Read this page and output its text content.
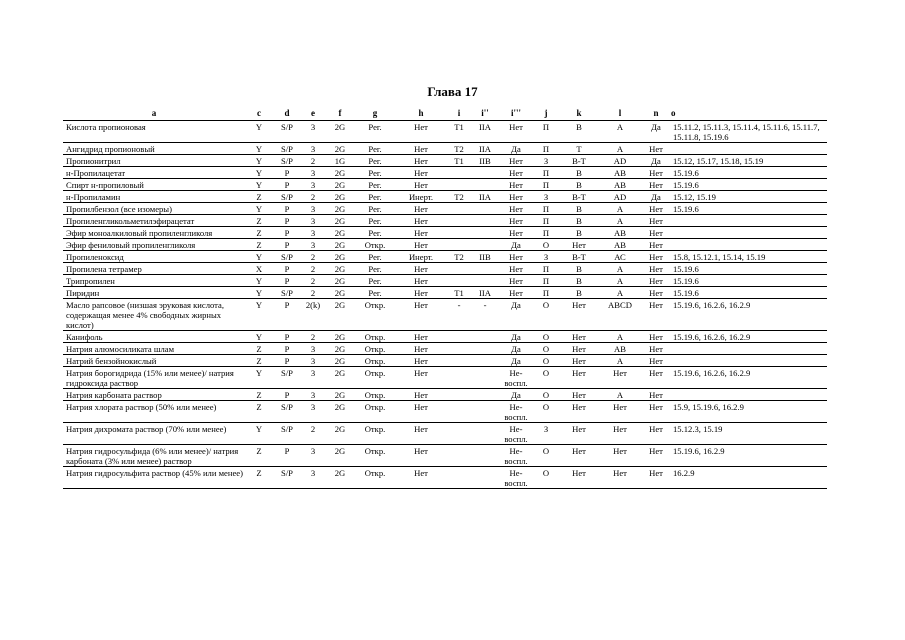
Глава 17
a	c	d	e	f	g	h	i	i''	i'''	j	k	l	n	o
Кислота пропионовая	Y	S/P	3	2G	Рег.	Нет	T1	IIA	Нет	П	В	А	Да	15.11.2, 15.11.3, 15.11.4, 15.11.6, 15.11.7, 15.11.8, 15.19.6
Ангидрид пропионовый	Y	S/P	3	2G	Рег.	Нет	T2	IIA	Да	П	Т	А	Нет	
Пропионитрил	Y	S/P	2	1G	Рег.	Нет	T1	IIB	Нет	З	В-Т	AD	Да	15.12, 15.17, 15.18, 15.19
н-Пропилацетат	Y	P	3	2G	Рег.	Нет			Нет	П	В	АВ	Нет	15.19.6
Спирт н-пропиловый	Y	P	3	2G	Рег.	Нет			Нет	П	В	АВ	Нет	15.19.6
н-Пропиламин	Z	S/P	2	2G	Рег.	Инерт.	T2	IIA	Нет	З	В-Т	AD	Да	15.12, 15.19
Пропилбензол (все изомеры)	Y	P	3	2G	Рег.	Нет			Нет	П	В	А	Нет	15.19.6
Пропиленгликольметилэфирацетат	Z	P	3	2G	Рег.	Нет			Нет	П	В	А	Нет	
Эфир моноалкиловый пропиленгликоля	Z	P	3	2G	Рег.	Нет			Нет	П	В	АВ	Нет	
Эфир фениловый пропиленгликоля	Z	P	3	2G	Откр.	Нет			Да	О	Нет	АВ	Нет	
Пропиленоксид	Y	S/P	2	2G	Рег.	Инерт.	T2	IIB	Нет	З	В-Т	АС	Нет	15.8, 15.12.1, 15.14, 15.19
Пропилена тетрамер	X	P	2	2G	Рег.	Нет			Нет	П	В	А	Нет	15.19.6
Трипропилен	Y	P	2	2G	Рег.	Нет			Нет	П	В	А	Нет	15.19.6
Пиридин	Y	S/P	2	2G	Рег.	Нет	T1	IIA	Нет	П	В	А	Нет	15.19.6
Масло рапсовое (низшая эруковая кислота, содержащая менее 4% свободных жирных кислот)	Y	P	2(k)	2G	Откр.	Нет	-	-	Да	О	Нет	ABCD	Нет	15.19.6, 16.2.6, 16.2.9
Канифоль	Y	P	2	2G	Откр.	Нет			Да	О	Нет	А	Нет	15.19.6, 16.2.6, 16.2.9
Натрия алюмосиликата шлам	Z	P	3	2G	Откр.	Нет			Да	О	Нет	АВ	Нет	
Натрий бензойнокислый	Z	P	3	2G	Откр.	Нет			Да	О	Нет	А	Нет	
Натрия борогидрида (15% или менее)/ натрия гидроксида раствор	Y	S/P	3	2G	Откр.	Нет			Не-воспл.	О	Нет	Нет	Нет	15.19.6, 16.2.6, 16.2.9
Натрия карбоната раствор	Z	P	3	2G	Откр.	Нет			Да	О	Нет	А	Нет	
Натрия хлората раствор (50% или менее)	Z	S/P	3	2G	Откр.	Нет			Не-воспл.	О	Нет	Нет	Нет	15.9, 15.19.6, 16.2.9
Натрия дихромата раствор (70% или менее)	Y	S/P	2	2G	Откр.	Нет			Не-воспл.	З	Нет	Нет	Нет	15.12.3, 15.19
Натрия гидросульфида (6% или менее)/ натрия карбоната (3% или менее) раствор	Z	P	3	2G	Откр.	Нет			Не-воспл.	О	Нет	Нет	Нет	15.19.6, 16.2.9
Натрия гидросульфита раствор (45% или менее)	Z	S/P	3	2G	Откр.	Нет			Не-воспл.	О	Нет	Нет	Нет	16.2.9
